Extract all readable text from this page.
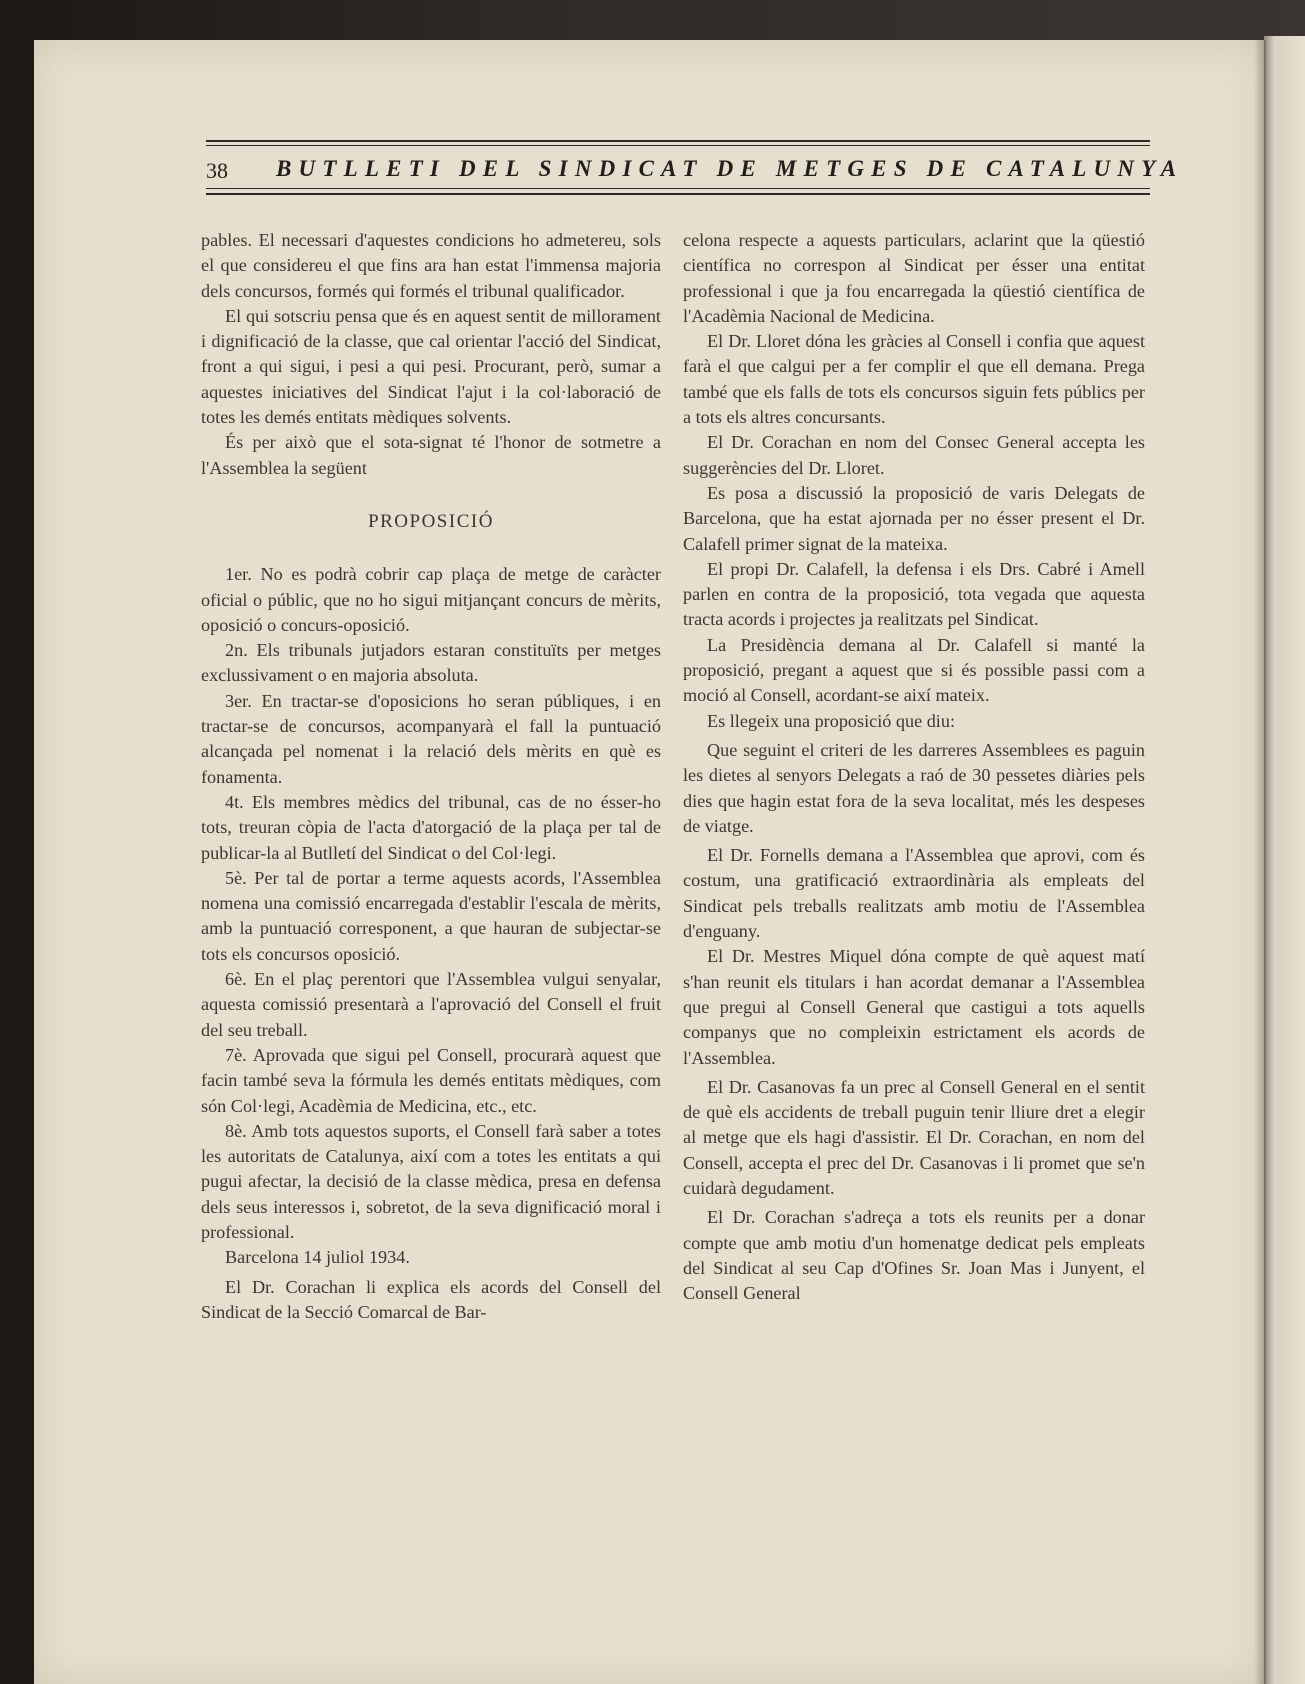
38 BUTLLETI DEL SINDICAT DE METGES DE CATALUNYA

pables. El necessari d'aquestes condicions ho admetereu, sols el que considereu el que fins ara han estat l'immensa majoria dels concursos, formés qui formés el tribunal qualificador.

El qui sotscriu pensa que és en aquest sentit de millorament i dignificació de la classe, que cal orientar l'acció del Sindicat, front a qui sigui, i pesi a qui pesi. Procurant, però, sumar a aquestes iniciatives del Sindicat l'ajut i la col·laboració de totes les demés entitats mèdiques solvents.

És per això que el sota-signat té l'honor de sotmetre a l'Assemblea la següent

PROPOSICIÓ

1er. No es podrà cobrir cap plaça de metge de caràcter oficial o públic, que no ho sigui mitjançant concurs de mèrits, oposició o concurs-oposició.

2n. Els tribunals jutjadors estaran constituïts per metges exclussivament o en majoria absoluta.

3er. En tractar-se d'oposicions ho seran públiques, i en tractar-se de concursos, acompanyarà el fall la puntuació alcançada pel nomenat i la relació dels mèrits en què es fonamenta.

4t. Els membres mèdics del tribunal, cas de no ésser-ho tots, treuran còpia de l'acta d'atorgació de la plaça per tal de publicar-la al Butlletí del Sindicat o del Col·legi.

5è. Per tal de portar a terme aquests acords, l'Assemblea nomena una comissió encarregada d'establir l'escala de mèrits, amb la puntuació corresponent, a que hauran de subjectar-se tots els concursos oposició.

6è. En el plaç perentori que l'Assemblea vulgui senyalar, aquesta comissió presentarà a l'aprovació del Consell el fruit del seu treball.

7è. Aprovada que sigui pel Consell, procurarà aquest que facin també seva la fórmula les demés entitats mèdiques, com són Col·legi, Acadèmia de Medicina, etc., etc.

8è. Amb tots aquestos suports, el Consell farà saber a totes les autoritats de Catalunya, així com a totes les entitats a qui pugui afectar, la decisió de la classe mèdica, presa en defensa dels seus interessos i, sobretot, de la seva dignificació moral i professional.

Barcelona 14 juliol 1934.

El Dr. Corachan li explica els acords del Consell del Sindicat de la Secció Comarcal de Bar-

celona respecte a aquests particulars, aclarint que la qüestió científica no correspon al Sindicat per ésser una entitat professional i que ja fou encarregada la qüestió científica de l'Acadèmia Nacional de Medicina.

El Dr. Lloret dóna les gràcies al Consell i confia que aquest farà el que calgui per a fer complir el que ell demana. Prega també que els falls de tots els concursos siguin fets públics per a tots els altres concursants.

El Dr. Corachan en nom del Consec General accepta les suggerències del Dr. Lloret.

Es posa a discussió la proposició de varis Delegats de Barcelona, que ha estat ajornada per no ésser present el Dr. Calafell primer signat de la mateixa.

El propi Dr. Calafell, la defensa i els Drs. Cabré i Amell parlen en contra de la proposició, tota vegada que aquesta tracta acords i projectes ja realitzats pel Sindicat.

La Presidència demana al Dr. Calafell si manté la proposició, pregant a aquest que si és possible passi com a moció al Consell, acordant-se així mateix.

Es llegeix una proposició que diu:

Que seguint el criteri de les darreres Assemblees es paguin les dietes al senyors Delegats a raó de 30 pessetes diàries pels dies que hagin estat fora de la seva localitat, més les despeses de viatge.

El Dr. Fornells demana a l'Assemblea que aprovi, com és costum, una gratificació extraordinària als empleats del Sindicat pels treballs realitzats amb motiu de l'Assemblea d'enguany.

El Dr. Mestres Miquel dóna compte de què aquest matí s'han reunit els titulars i han acordat demanar a l'Assemblea que pregui al Consell General que castigui a tots aquells companys que no compleixin estrictament els acords de l'Assemblea.

El Dr. Casanovas fa un prec al Consell General en el sentit de què els accidents de treball puguin tenir lliure dret a elegir al metge que els hagi d'assistir. El Dr. Corachan, en nom del Consell, accepta el prec del Dr. Casanovas i li promet que se'n cuidarà degudament.

El Dr. Corachan s'adreça a tots els reunits per a donar compte que amb motiu d'un homenatge dedicat pels empleats del Sindicat al seu Cap d'Ofines Sr. Joan Mas i Junyent, el Consell General
